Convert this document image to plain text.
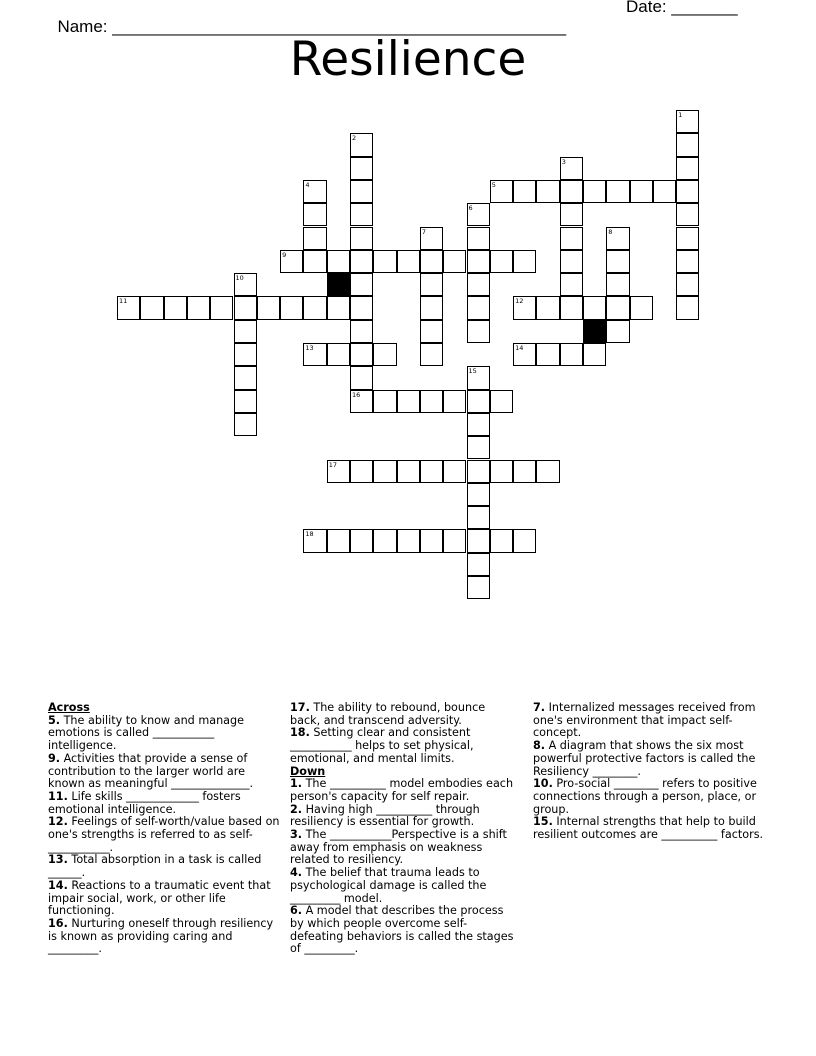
Name: ________________________________________________

Date: _______

Resilience
1
2
3
4	5
6
7	8
9
10
11	12
13	14
15
16
17
18
Across
5. The ability to know and manage emotions is called ___________ intelligence.
9. Activities that provide a sense of contribution to the larger world are known as meaningful ______________.
11. Life skills _____________ fosters emotional intelligence.
12. Feelings of self-worth/value based on one's strengths is referred to as self-___________.
13. Total absorption in a task is called ______.
14. Reactions to a traumatic event that impair social, work, or other life functioning.
16. Nurturing oneself through resiliency is known as providing caring and _________.
17. The ability to rebound, bounce back, and transcend adversity.
18. Setting clear and consistent ___________ helps to set physical, emotional, and mental limits.
Down
1. The __________ model embodies each person's capacity for self repair.
2. Having high __________ through resiliency is essential for growth.
3. The ___________Perspective is a shift away from emphasis on weakness related to resiliency.
4. The belief that trauma leads to psychological damage is called the _________ model.
6. A model that describes the process by which people overcome self-defeating behaviors is called the stages of _________.
7. Internalized messages received from one's environment that impact self-concept.
8. A diagram that shows the six most powerful protective factors is called the Resiliency ________.
10. Pro-social ________ refers to positive connections through a person, place, or group.
15. Internal strengths that help to build resilient outcomes are __________ factors.
